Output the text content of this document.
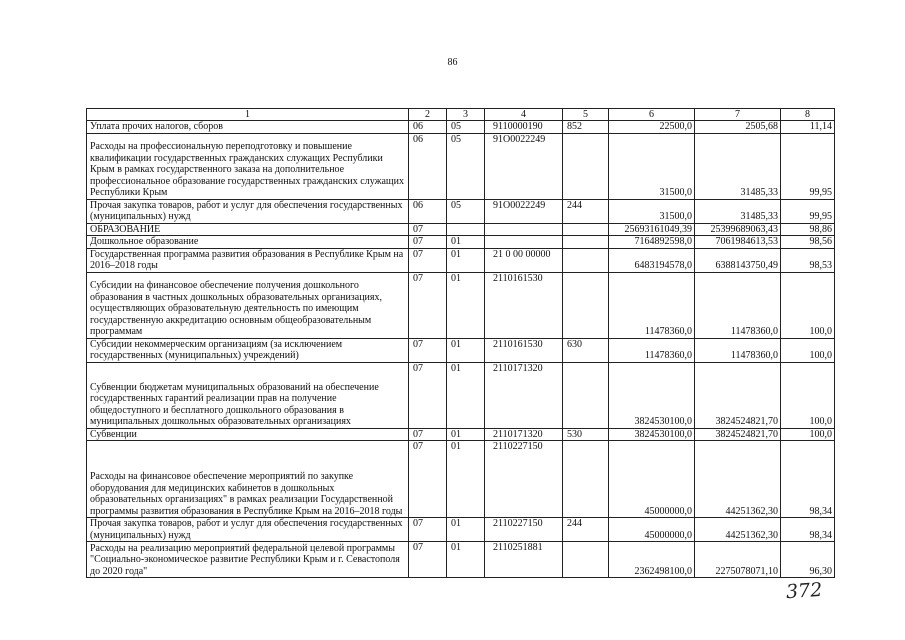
86
1	2	3	4	5	6	7	8
Уплата прочих налогов, сборов	06	05	9110000190	852	22500,0	2505,68	11,14
Расходы на профессиональную переподготовку и повышение квалификации государственных гражданских служащих Республики Крым в рамках государственного заказа на дополнительное профессиональное образование государственных гражданских служащих Республики Крым	06	05	91О0022249		31500,0	31485,33	99,95
Прочая закупка товаров, работ и услуг для обеспечения государственных (муниципальных) нужд	06	05	91О0022249	244	31500,0	31485,33	99,95
ОБРАЗОВАНИЕ	07				25693161049,39	25399689063,43	98,86
Дошкольное образование	07	01			7164892598,0	7061984613,53	98,56
Государственная программа развития образования в Республике Крым на 2016–2018 годы	07	01	21 0 00 00000		6483194578,0	6388143750,49	98,53
Субсидии на финансовое обеспечение получения дошкольного образования в частных дошкольных образовательных организациях, осуществляющих образовательную деятельность по имеющим государственную аккредитацию основным общеобразовательным программам	07	01	2110161530		11478360,0	11478360,0	100,0
Субсидии некоммерческим организациям (за исключением государственных (муниципальных) учреждений)	07	01	2110161530	630	11478360,0	11478360,0	100,0
Субвенции бюджетам муниципальных образований на обеспечение государственных гарантий реализации прав на получение общедоступного и бесплатного дошкольного образования в муниципальных дошкольных образовательных организациях	07	01	2110171320		3824530100,0	3824524821,70	100,0
Субвенции	07	01	2110171320	530	3824530100,0	3824524821,70	100,0
Расходы на финансовое обеспечение мероприятий по закупке оборудования для медицинских кабинетов в дошкольных образовательных организациях" в рамках реализации Государственной программы развития образования в Республике Крым на 2016–2018 годы	07	01	2110227150		45000000,0	44251362,30	98,34
Прочая закупка товаров, работ и услуг для обеспечения государственных (муниципальных) нужд	07	01	2110227150	244	45000000,0	44251362,30	98,34
Расходы на реализацию мероприятий федеральной целевой программы "Социально-экономическое развитие Республики Крым и г. Севастополя до 2020 года"	07	01	2110251881		2362498100,0	2275078071,10	96,30
372
